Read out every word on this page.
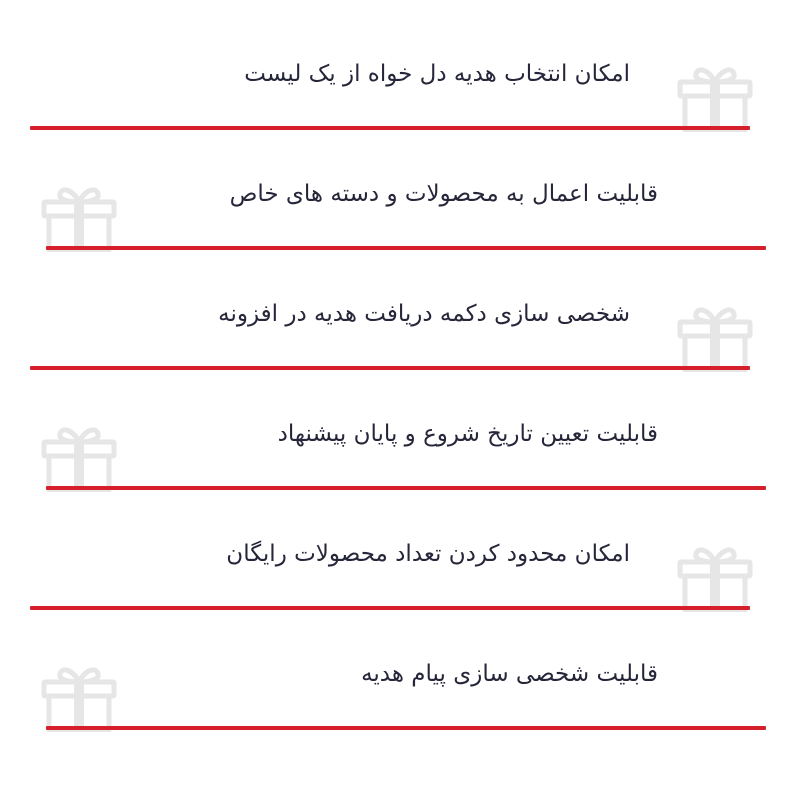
امکان انتخاب هدیه دل خواه از یک لیست
قابلیت اعمال به محصولات و دسته های خاص
شخصی سازی دکمه دریافت هدیه در افزونه
قابلیت تعیین تاریخ شروع و پایان پیشنهاد
امکان محدود کردن تعداد محصولات رایگان
قابلیت شخصی سازی پیام هدیه
